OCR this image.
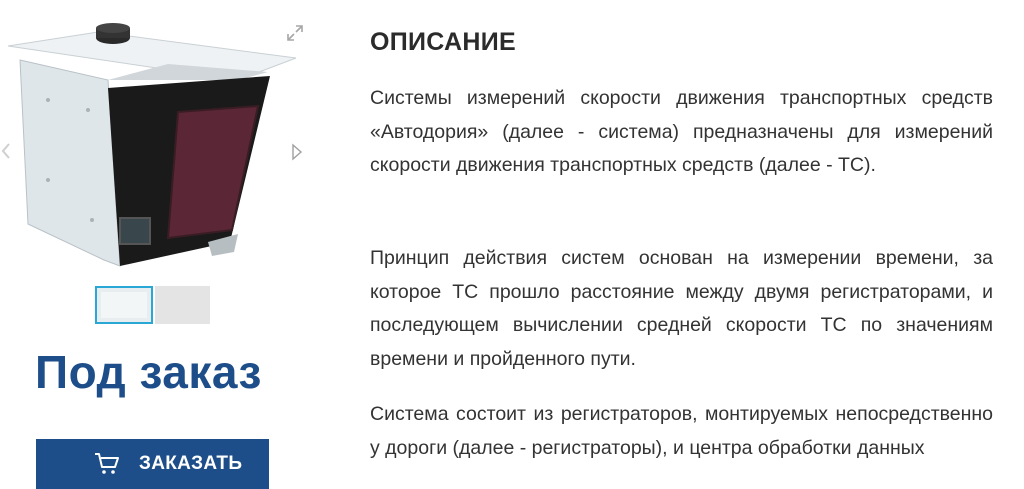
Под заказ
ЗАКАЗАТЬ
ОПИСАНИЕ

Системы измерений скорости движения транспортных средств «Автодория» (далее - система) предназначены для измерений скорости движения транспортных средств (далее - ТС).

Принцип действия систем основан на измерении времени, за которое ТС прошло расстояние между двумя регистраторами, и последующем вычислении средней скорости ТС по значениям времени и пройденного пути.

Система состоит из регистраторов, монтируемых непосредственно у дороги (далее - регистраторы), и центра обработки данных
